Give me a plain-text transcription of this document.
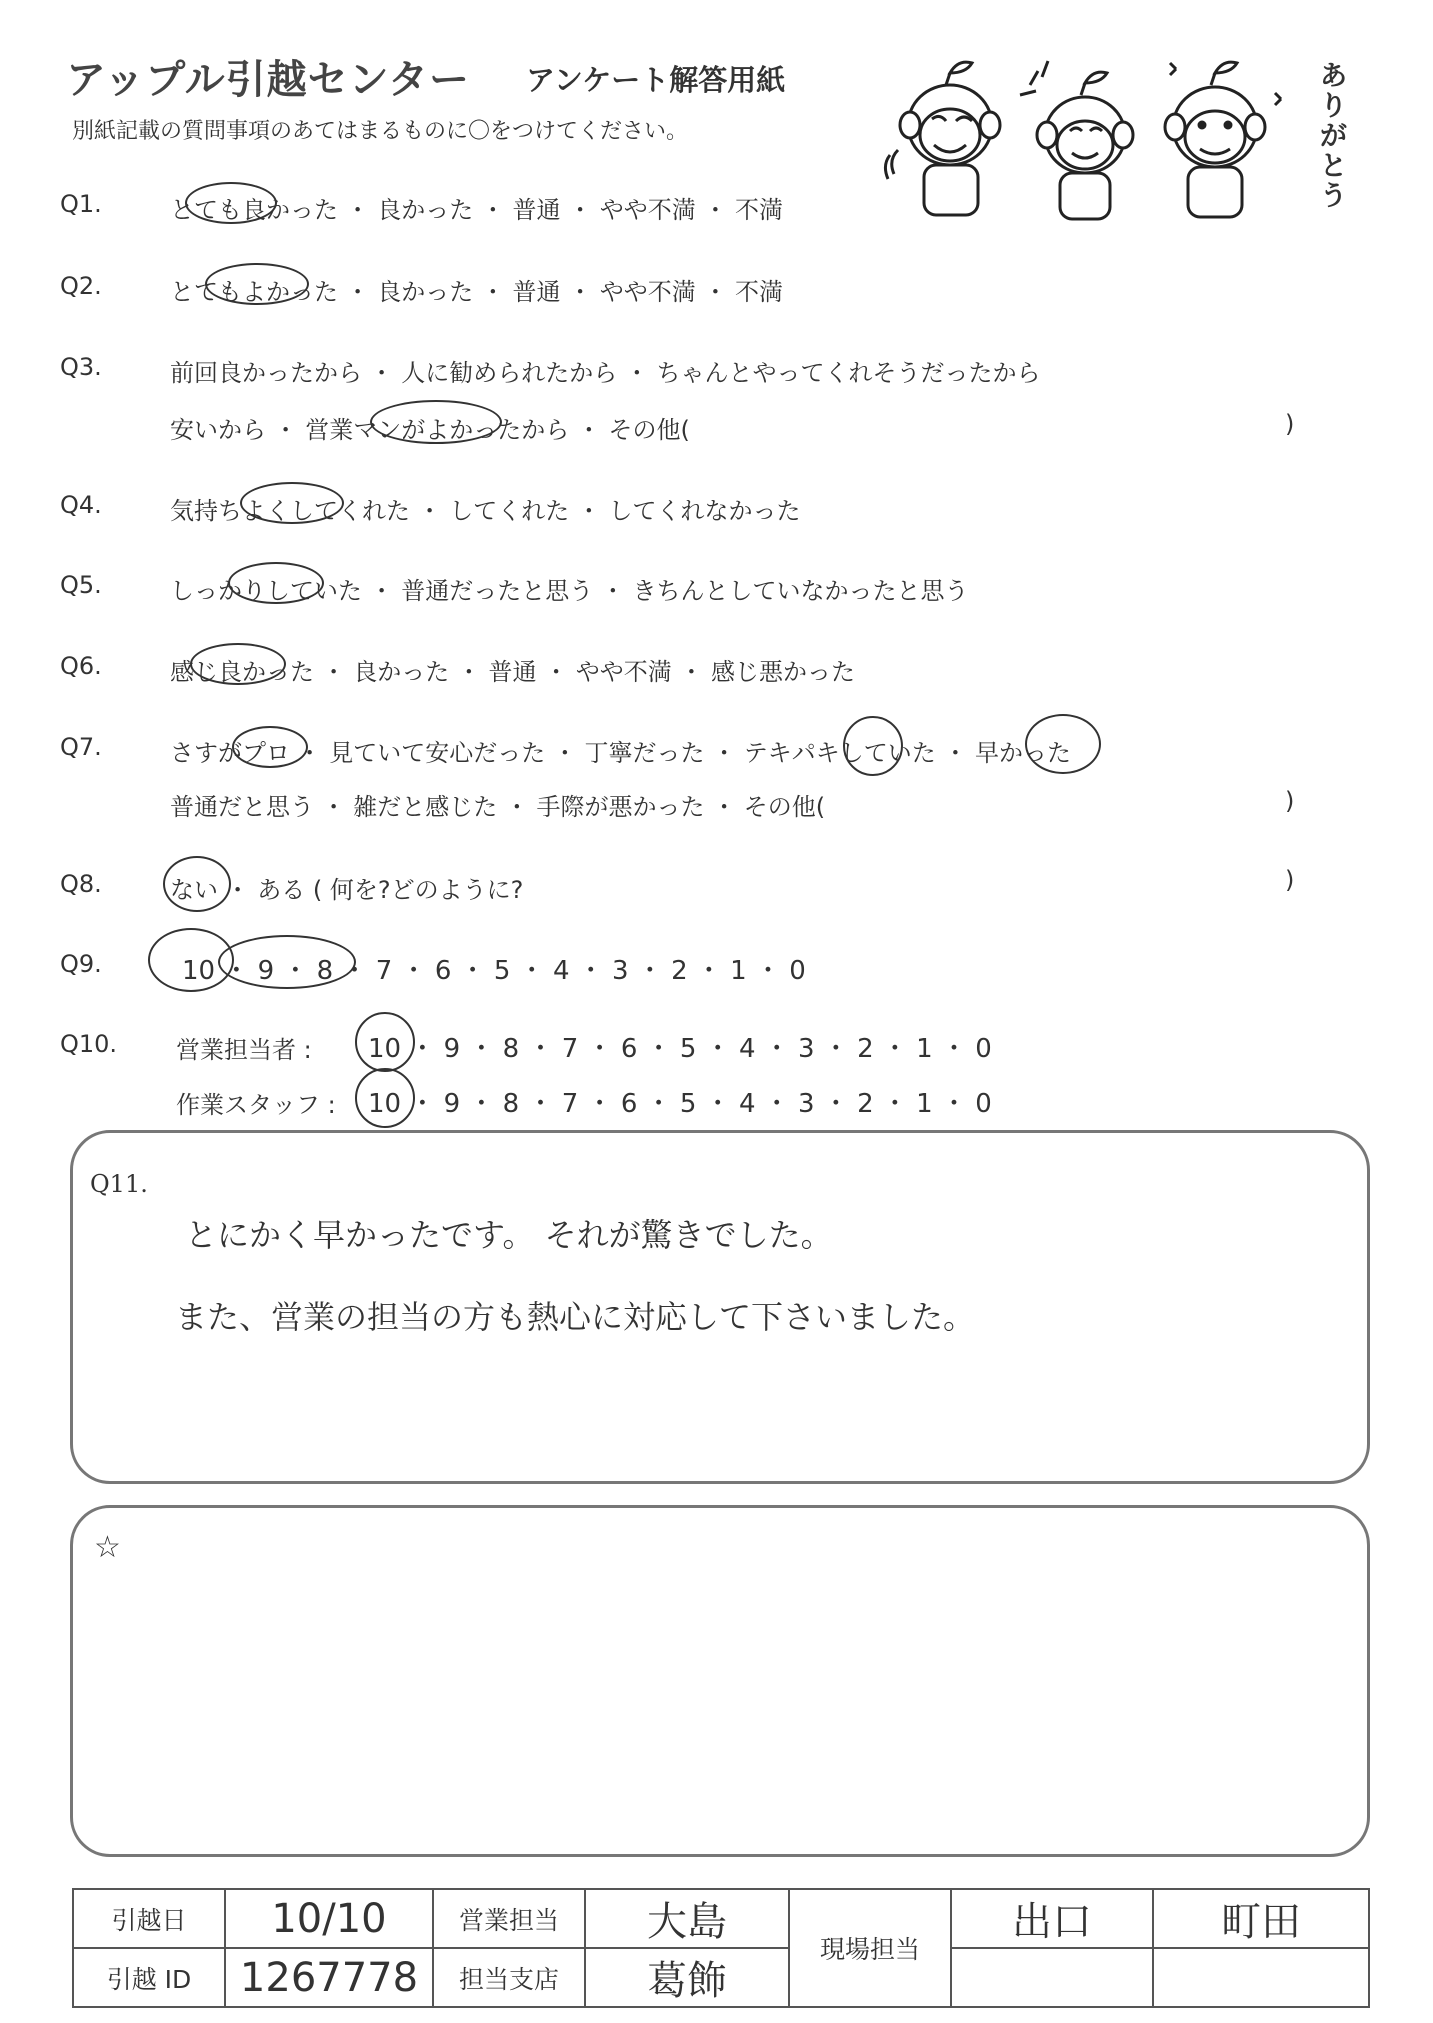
アップル引越センター アンケート解答用紙
別紙記載の質問事項のあてはまるものに〇をつけてください。
ありがとう
Q1.	とても良かった ・ 良かった ・ 普通 ・ やや不満 ・ 不満
Q2.	とてもよかった ・ 良かった ・ 普通 ・ やや不満 ・ 不満
Q3.	前回良かったから ・ 人に勧められたから ・ ちゃんとやってくれそうだったから
安いから ・ 営業マンがよかったから ・ その他(	)
Q4.	気持ちよくしてくれた ・ してくれた ・ してくれなかった
Q5.	しっかりしていた ・ 普通だったと思う ・ きちんとしていなかったと思う
Q6.	感じ良かった ・ 良かった ・ 普通 ・ やや不満 ・ 感じ悪かった
Q7.	さすがプロ ・ 見ていて安心だった ・ 丁寧だった ・ テキパキしていた ・ 早かった
普通だと思う ・ 雑だと感じた ・ 手際が悪かった ・ その他(	)
Q8.	ない ・ ある ( 何を?どのように?	)
Q9.	10 ・ 9 ・ 8 ・ 7 ・ 6 ・ 5 ・ 4 ・ 3 ・ 2 ・ 1 ・ 0
Q10. 営業担当者 : 10 ・ 9 ・ 8 ・ 7 ・ 6 ・ 5 ・ 4 ・ 3 ・ 2 ・ 1 ・ 0
作業スタッフ : 10 ・ 9 ・ 8 ・ 7 ・ 6 ・ 5 ・ 4 ・ 3 ・ 2 ・ 1 ・ 0
Q11.
とにかく早かったです。 それが驚きでした。
また、営業の担当の方も熱心に対応して下さいました。
☆
引越日	10/10	営業担当	大島	現場担当	出口	町田
引越 ID	1267778	担当支店	葛飾			
